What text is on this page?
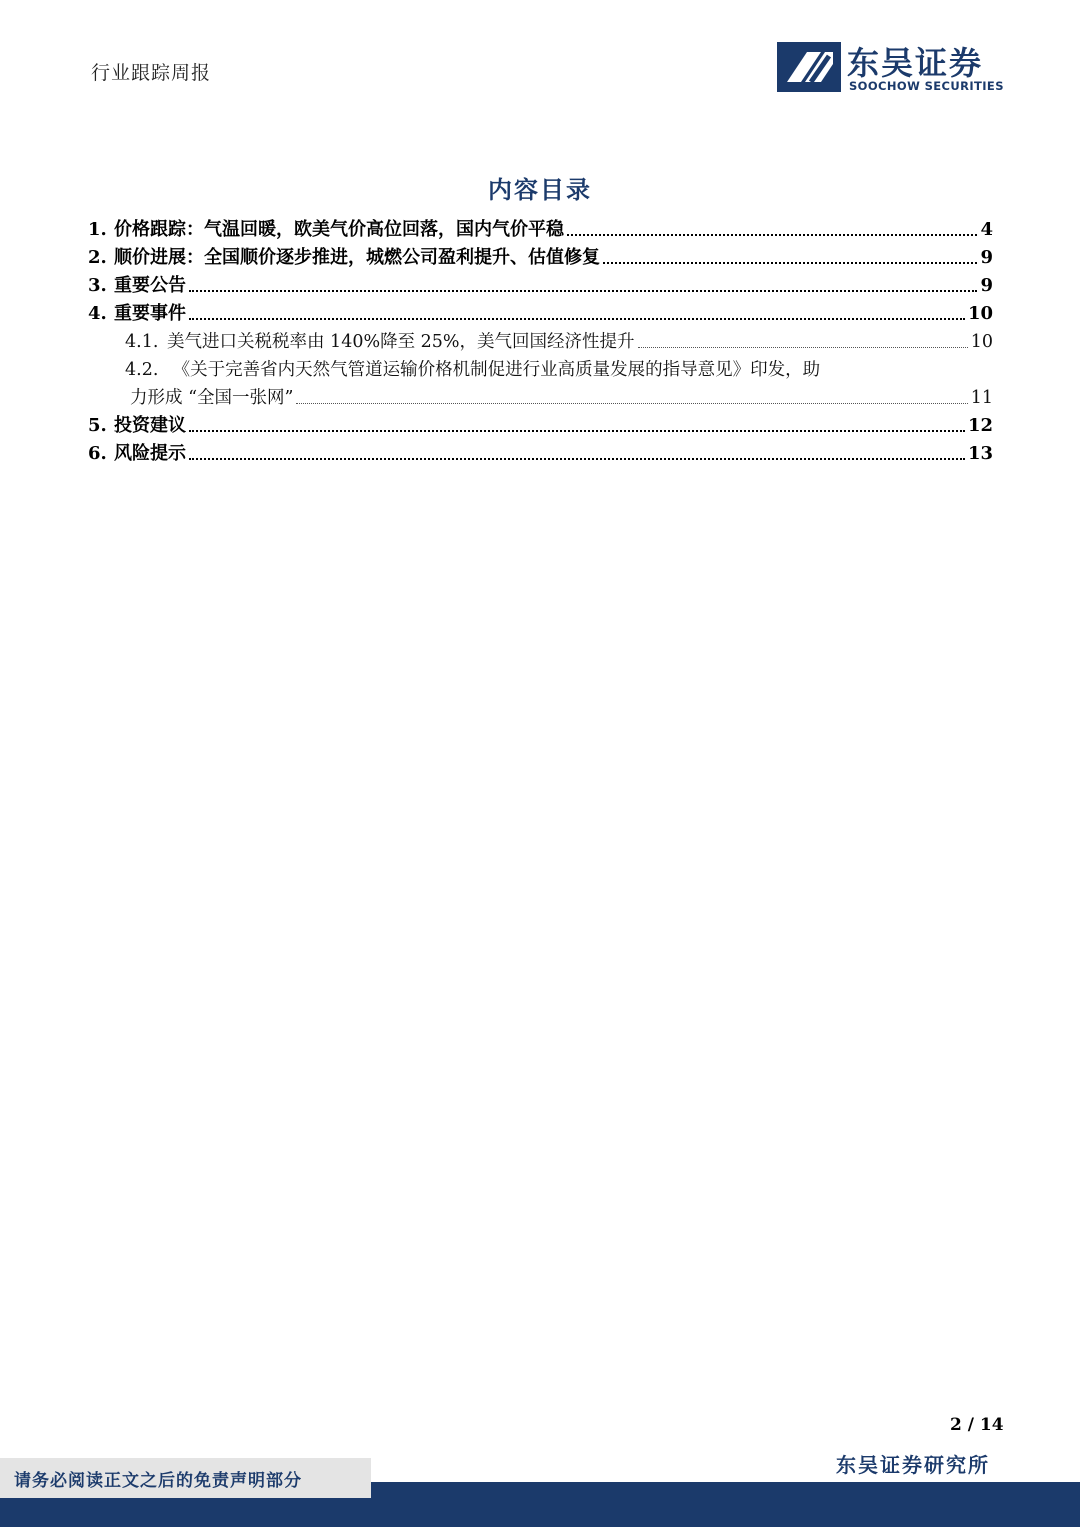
行业跟踪周报	东吴证券
SOOCHOW SECURITIES
内容目录
1. 价格跟踪：气温回暖，欧美气价高位回落，国内气价平稳	4
2. 顺价进展：全国顺价逐步推进，城燃公司盈利提升、估值修复	9
3. 重要公告	9
4. 重要事件	10
4.1. 美气进口关税税率由 140%降至 25%，美气回国经济性提升	10
4.2. 《关于完善省内天然气管道运输价格机制促进行业高质量发展的指导意见》印发，助
力形成 “全国一张网”	11
5. 投资建议	12
6. 风险提示	13
2 / 14
东吴证券研究所
请务必阅读正文之后的免责声明部分
